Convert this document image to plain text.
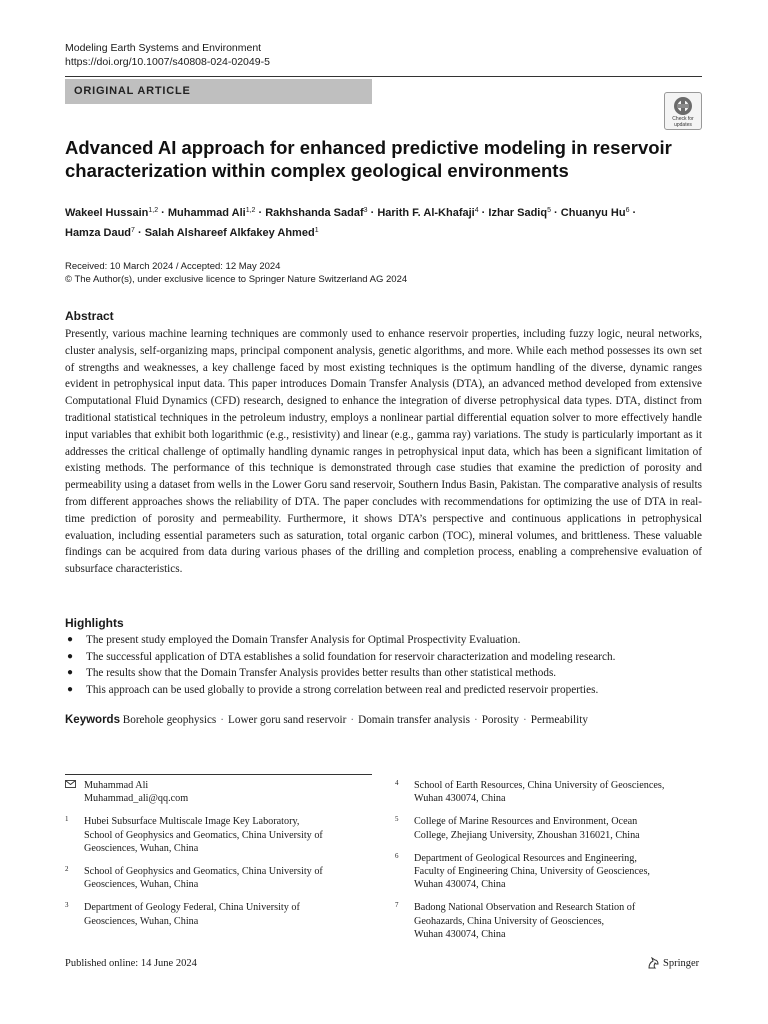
Modeling Earth Systems and Environment
https://doi.org/10.1007/s40808-024-02049-5
ORIGINAL ARTICLE
Check for
updates
Advanced AI approach for enhanced predictive modeling in reservoir
characterization within complex geological environments
Wakeel Hussain$^{1,2}$ · Muhammad Ali$^{1,2}$ · Rakhshanda Sadaf$^3$ · Harith F. Al-Khafaji$^4$ · Izhar Sadiq$^5$ · Chuanyu $Hu^6$ ·
Hamza Daud$^7$ · Salah Alshareef Alkfakey Ahmed$^1$
Received: 10 March 2024 / Accepted: 12 May 2024
© The Author(s), under exclusive licence to Springer Nature Switzerland AG 2024
Abstract

Presently, various machine learning techniques are commonly used to enhance reservoir properties, including fuzzy logic, neural networks, cluster analysis, self-organizing maps, principal component analysis, genetic algorithms, and more. While each method possesses its own set of strengths and weaknesses, a key challenge faced by most existing techniques is the optimum handling of the diverse, dynamic ranges evident in petrophysical input data. This paper introduces Domain Transfer Analysis (DTA), an advanced method developed from extensive Computational Fluid Dynamics (CFD) research, designed to enhance the integration of diverse petrophysical data types. DTA, distinct from traditional statistical techniques in the petroleum industry, employs a nonlinear partial differential equation solver to more effectively handle input variables that exhibit both logarithmic (e.g., resistivity) and linear (e.g., gamma ray) variations. The study is particularly important as it addresses the critical challenge of optimally handling dynamic ranges in petrophysical input data, which has been a significant limitation of existing methods. The performance of this technique is demonstrated through case studies that examine the prediction of porosity and permeability using a dataset from wells in the Lower Goru sand reservoir, Southern Indus Basin, Pakistan. The comparative analysis of results from different approaches shows the reliability of DTA. The paper concludes with recommendations for optimizing the use of DTA in real-time prediction of porosity and permeability. Furthermore, it shows DTA’s perspective and continuous applications in petrophysical evaluation, including essential parameters such as saturation, total organic carbon (TOC), mineral volumes, and brittleness. These valuable findings can be acquired from data during various phases of the drilling and completion process, enabling a comprehensive evaluation of subsurface characteristics.

Highlights
● The present study employed the Domain Transfer Analysis for Optimal Prospectivity Evaluation.
● The successful application of DTA establishes a solid foundation for reservoir characterization and modeling research.
● The results show that the Domain Transfer Analysis provides better results than other statistical methods.
● This approach can be used globally to provide a strong correlation between real and predicted reservoir properties.
Keywords Borehole geophysics · Lower goru sand reservoir · Domain transfer analysis · Porosity · Permeability
Muhammad Ali
Muhammad_ali@qq.com
1 Hubei Subsurface Multiscale Image Key Laboratory,
School of Geophysics and Geomatics, China University of
Geosciences, Wuhan, China
2 School of Geophysics and Geomatics, China University of
Geosciences, Wuhan, China
3 Department of Geology Federal, China University of
Geosciences, Wuhan, China
4 School of Earth Resources, China University of Geosciences,
Wuhan 430074, China
5 College of Marine Resources and Environment, Ocean
College, Zhejiang University, Zhoushan 316021, China
6 Department of Geological Resources and Engineering,
Faculty of Engineering China, University of Geosciences,
Wuhan 430074, China
7 Badong National Observation and Research Station of
Geohazards, China University of Geosciences,
Wuhan 430074, China
Published online: 14 June 2024	Springer
